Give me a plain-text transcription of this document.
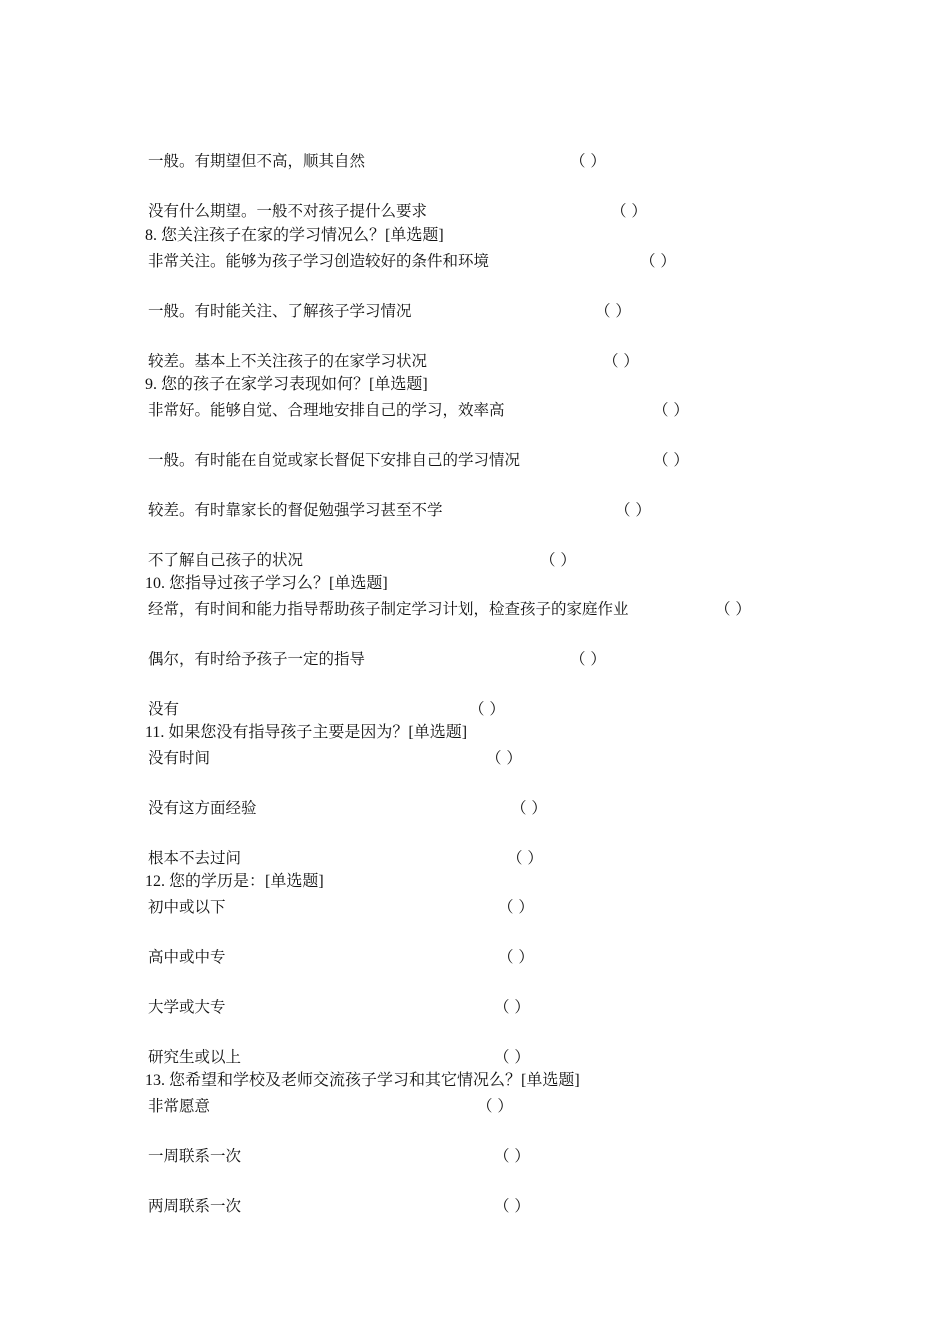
一般。有期望但不高，顺其自然	（ ）
没有什么期望。一般不对孩子提什么要求	（ ）
8. 您关注孩子在家的学习情况么？[单选题]
非常关注。能够为孩子学习创造较好的条件和环境	（ ）
一般。有时能关注、了解孩子学习情况	（ ）
较差。基本上不关注孩子的在家学习状况	（ ）
9. 您的孩子在家学习表现如何？[单选题]
非常好。能够自觉、合理地安排自己的学习，效率高	（ ）
一般。有时能在自觉或家长督促下安排自己的学习情况	（ ）
较差。有时靠家长的督促勉强学习甚至不学	（ ）
不了解自己孩子的状况	（ ）
10. 您指导过孩子学习么？[单选题]
经常，有时间和能力指导帮助孩子制定学习计划，检查孩子的家庭作业	（ ）
偶尔，有时给予孩子一定的指导	（ ）
没有	（ ）
11. 如果您没有指导孩子主要是因为？[单选题]
没有时间	（ ）
没有这方面经验	（ ）
根本不去过问	（ ）
12. 您的学历是：[单选题]
初中或以下	（ ）
高中或中专	（ ）
大学或大专	（ ）
研究生或以上	（ ）
13. 您希望和学校及老师交流孩子学习和其它情况么？[单选题]
非常愿意	（ ）
一周联系一次	（ ）
两周联系一次	（ ）
